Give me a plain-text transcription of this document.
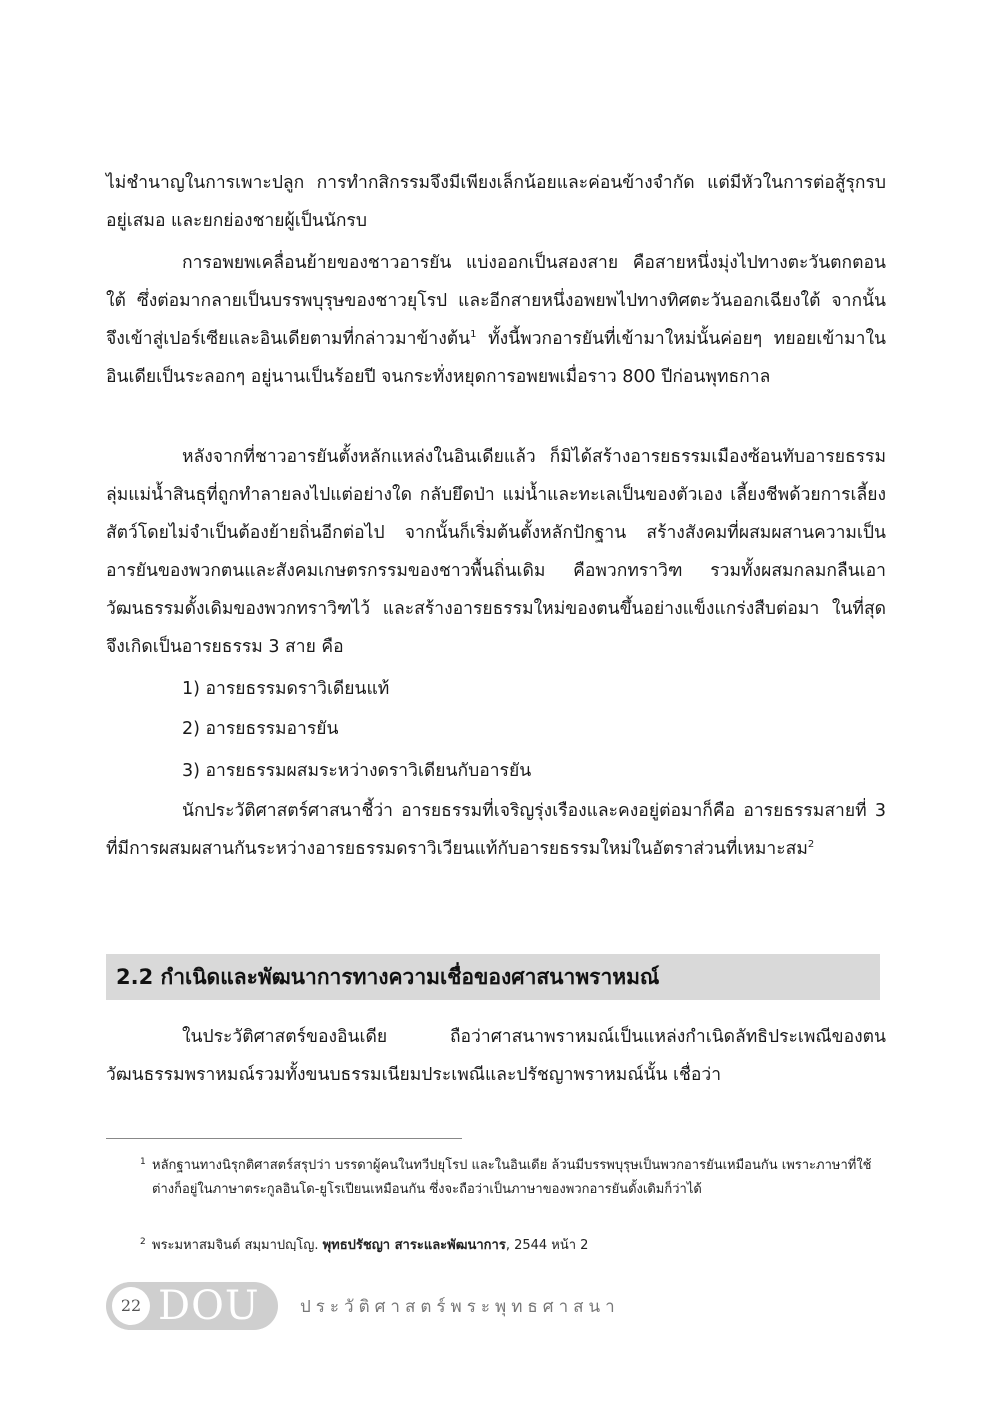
ไม่ชำนาญในการเพาะปลูก การทำกสิกรรมจึงมีเพียงเล็กน้อยและค่อนข้างจำกัด แต่มีหัวในการต่อสู้รุกรบอยู่เสมอ และยกย่องชายผู้เป็นนักรบ

การอพยพเคลื่อนย้ายของชาวอารยัน แบ่งออกเป็นสองสาย คือสายหนึ่งมุ่งไปทางตะวันตกตอนใต้ ซึ่งต่อมากลายเป็นบรรพบุรุษของชาวยุโรป และอีกสายหนึ่งอพยพไปทางทิศตะวันออกเฉียงใต้ จากนั้นจึงเข้าสู่เปอร์เซียและอินเดียตามที่กล่าวมาข้างต้น$^1$ ทั้งนี้พวกอารยันที่เข้ามาใหม่นั้นค่อยๆ ทยอยเข้ามาในอินเดียเป็นระลอกๆ อยู่นานเป็นร้อยปี จนกระทั่งหยุดการอพยพเมื่อราว 800 ปีก่อนพุทธกาล

หลังจากที่ชาวอารยันตั้งหลักแหล่งในอินเดียแล้ว ก็มิได้สร้างอารยธรรมเมืองซ้อนทับอารยธรรมลุ่มแม่น้ำสินธุที่ถูกทำลายลงไปแต่อย่างใด กลับยึดป่า แม่น้ำและทะเลเป็นของตัวเอง เลี้ยงชีพด้วยการเลี้ยงสัตว์โดยไม่จำเป็นต้องย้ายถิ่นอีกต่อไป จากนั้นก็เริ่มต้นตั้งหลักปักฐาน สร้างสังคมที่ผสมผสานความเป็นอารยันของพวกตนและสังคมเกษตรกรรมของชาวพื้นถิ่นเดิม คือพวกทราวิฑ รวมทั้งผสมกลมกลืนเอาวัฒนธรรมดั้งเดิมของพวกทราวิฑไว้ และสร้างอารยธรรมใหม่ของตนขึ้นอย่างแข็งแกร่งสืบต่อมา ในที่สุดจึงเกิดเป็นอารยธรรม 3 สาย คือ

1) อารยธรรมดราวิเดียนแท้

2) อารยธรรมอารยัน

3) อารยธรรมผสมระหว่างดราวิเดียนกับอารยัน

นักประวัติศาสตร์ศาสนาชี้ว่า อารยธรรมที่เจริญรุ่งเรืองและคงอยู่ต่อมาก็คือ อารยธรรมสายที่ 3 ที่มีการผสมผสานกันระหว่างอารยธรรมดราวิเวียนแท้กับอารยธรรมใหม่ในอัตราส่วนที่เหมาะสม$^2$

2.2 กำเนิดและพัฒนาการทางความเชื่อของศาสนาพราหมณ์

ในประวัติศาสตร์ของอินเดีย ถือว่าศาสนาพราหมณ์เป็นแหล่งกำเนิดลัทธิประเพณีของตน วัฒนธรรมพราหมณ์รวมทั้งขนบธรรมเนียมประเพณีและปรัชญาพราหมณ์นั้น เชื่อว่า

1 หลักฐานทางนิรุกติศาสตร์สรุปว่า บรรดาผู้คนในทวีปยุโรป และในอินเดีย ล้วนมีบรรพบุรุษเป็นพวกอารยันเหมือนกัน เพราะภาษาที่ใช้ต่างก็อยู่ในภาษาตระกูลอินโด-ยูโรเปียนเหมือนกัน ซึ่งจะถือว่าเป็นภาษาของพวกอารยันดั้งเดิมก็ว่าได้

2 พระมหาสมจินต์ สมฺมาปญฺโญ. พุทธปรัชญา สาระและพัฒนาการ, 2544 หน้า 2

22 DOU ประวัติศาสตร์พระพุทธศาสนา
